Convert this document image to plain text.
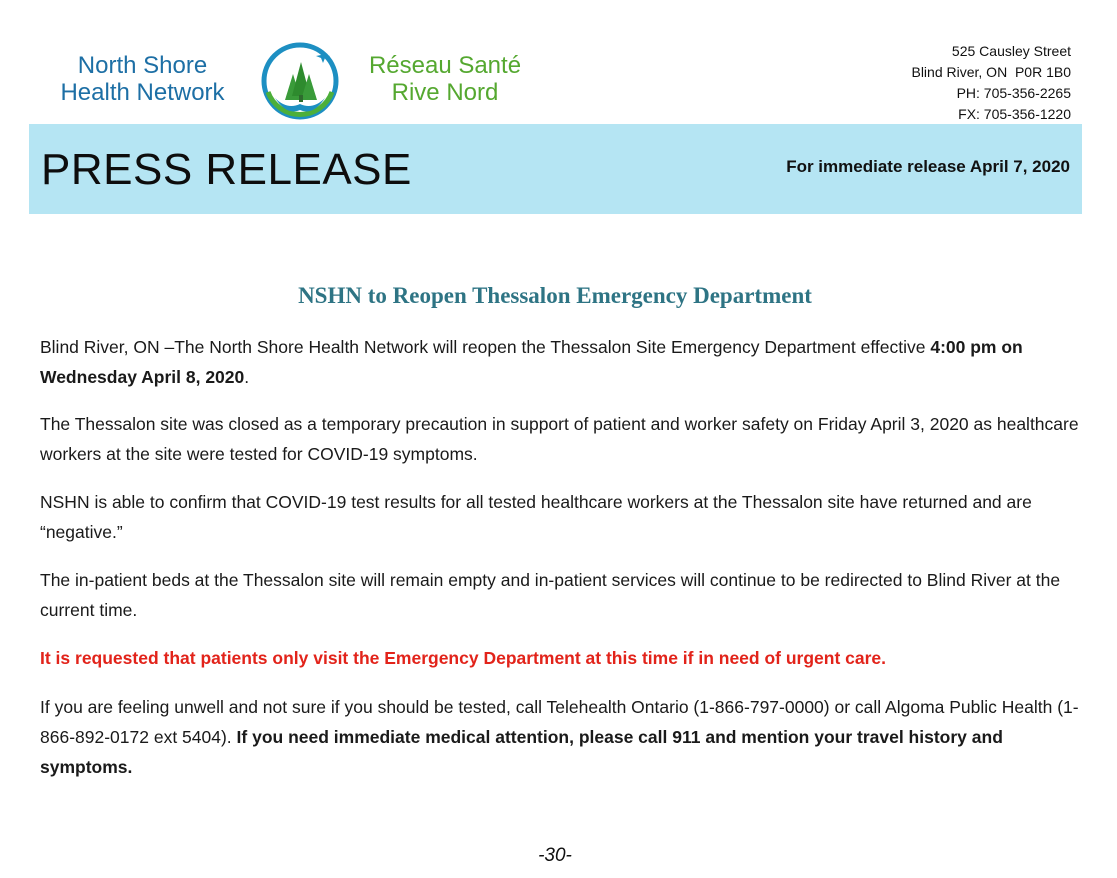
North Shore
Health Network
Réseau Santé
Rive Nord
525 Causley Street
Blind River, ON  P0R 1B0
PH: 705-356-2265
FX: 705-356-1220
PRESS RELEASE	For immediate release April 7, 2020
NSHN to Reopen Thessalon Emergency Department

Blind River, ON –The North Shore Health Network will reopen the Thessalon Site Emergency Department effective 4:00 pm on Wednesday April 8, 2020.

The Thessalon site was closed as a temporary precaution in support of patient and worker safety on Friday April 3, 2020 as healthcare workers at the site were tested for COVID-19 symptoms.

NSHN is able to confirm that COVID-19 test results for all tested healthcare workers at the Thessalon site have returned and are “negative.”

The in-patient beds at the Thessalon site will remain empty and in-patient services will continue to be redirected to Blind River at the current time.

It is requested that patients only visit the Emergency Department at this time if in need of urgent care.

If you are feeling unwell and not sure if you should be tested, call Telehealth Ontario (1-866-797-0000) or call Algoma Public Health (1-866-892-0172 ext 5404). If you need immediate medical attention, please call 911 and mention your travel history and symptoms.

-30-
